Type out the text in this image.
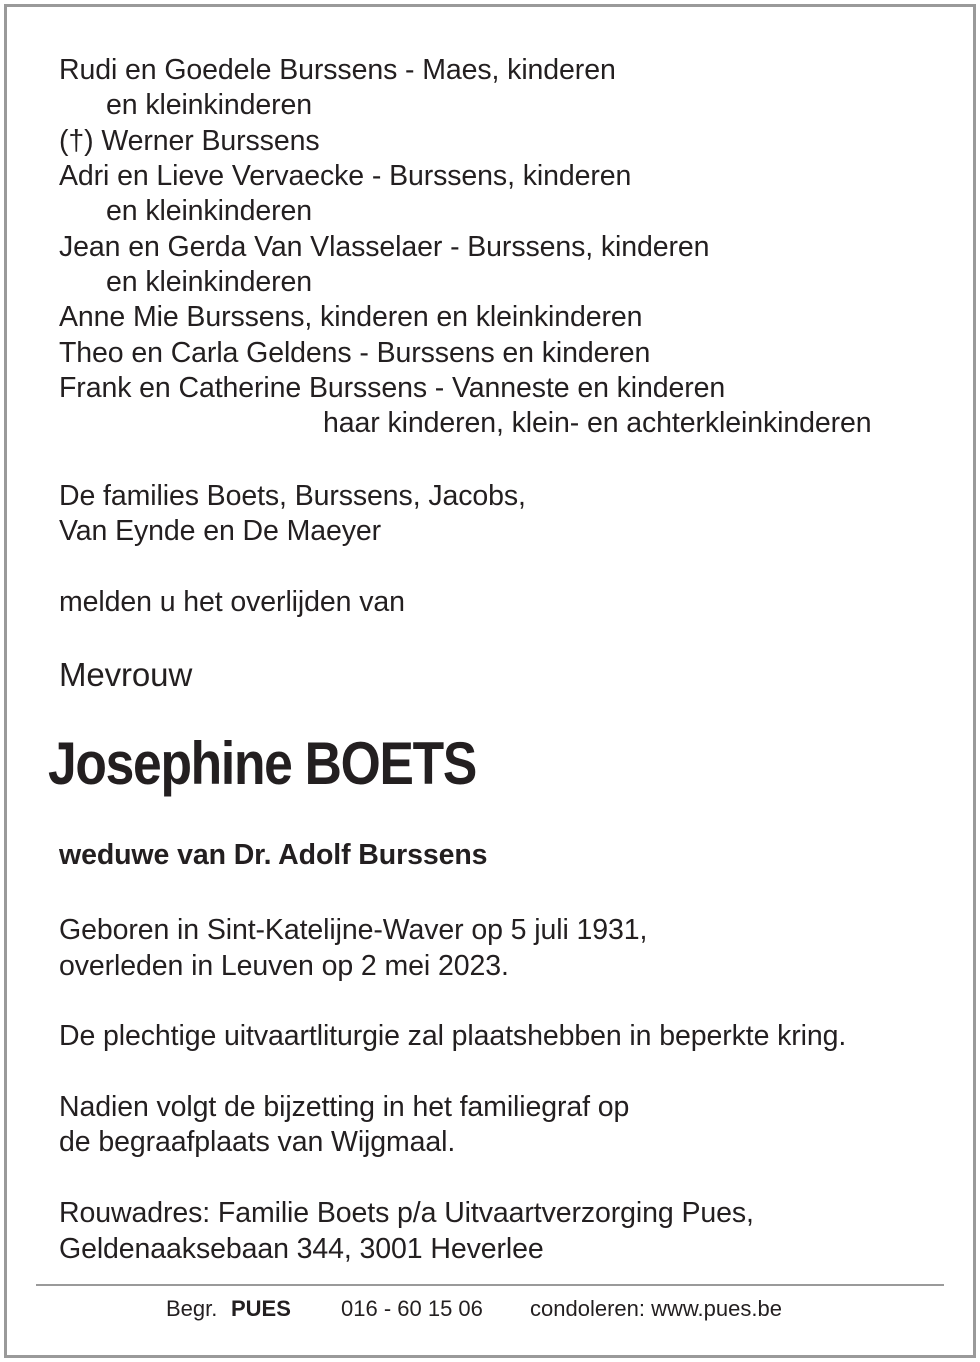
Rudi en Goedele Burssens - Maes, kinderen

en kleinkinderen

(†) Werner Burssens

Adri en Lieve Vervaecke - Burssens, kinderen

en kleinkinderen

Jean en Gerda Van Vlasselaer - Burssens, kinderen

en kleinkinderen

Anne Mie Burssens, kinderen en kleinkinderen

Theo en Carla Geldens - Burssens en kinderen

Frank en Catherine Burssens - Vanneste en kinderen

haar kinderen, klein- en achterkleinkinderen

De families Boets, Burssens, Jacobs,

Van Eynde en De Maeyer

melden u het overlijden van

Mevrouw

Josephine BOETS

weduwe van Dr. Adolf Burssens

Geboren in Sint-Katelijne-Waver op 5 juli 1931,

overleden in Leuven op 2 mei 2023.

De plechtige uitvaartliturgie zal plaatshebben in beperkte kring.

Nadien volgt de bijzetting in het familiegraf op

de begraafplaats van Wijgmaal.

Rouwadres: Familie Boets p/a Uitvaartverzorging Pues,

Geldenaaksebaan 344, 3001 Heverlee

Begr. PUES 016 - 60 15 06 condoleren: www.pues.be
